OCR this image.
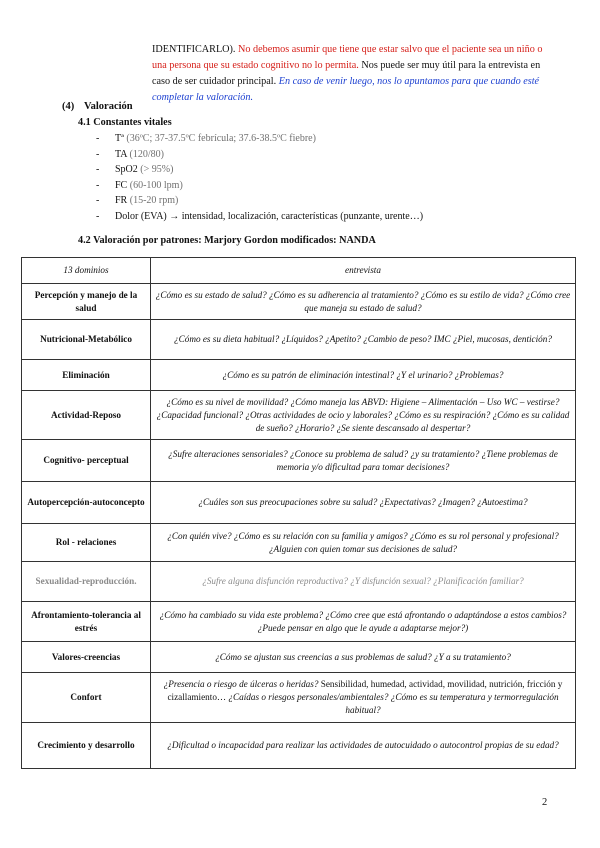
IDENTIFICARLO). No debemos asumir que tiene que estar salvo que el paciente sea un niño o una persona que su estado cognitivo no lo permita. Nos puede ser muy útil para la entrevista en caso de ser cuidador principal. En caso de venir luego, nos lo apuntamos para que cuando esté completar la valoración.
(4) Valoración
4.1 Constantes vitales
- Tª (36ºC; 37-37.5ºC febrícula; 37.6-38.5ºC fiebre)
- TA (120/80)
- SpO2 (> 95%)
- FC (60-100 lpm)
- FR (15-20 rpm)
- Dolor (EVA) → intensidad, localización, características (punzante, urente…)
4.2 Valoración por patrones: Marjory Gordon modificados: NANDA
13 dominios	entrevista
Percepción y manejo de la salud	¿Cómo es su estado de salud? ¿Cómo es su adherencia al tratamiento? ¿Cómo es su estilo de vida? ¿Cómo cree que maneja su estado de salud?
Nutricional-Metabólico	¿Cómo es su dieta habitual? ¿Líquidos? ¿Apetito? ¿Cambio de peso? IMC ¿Piel, mucosas, dentición?
Eliminación	¿Cómo es su patrón de eliminación intestinal? ¿Y el urinario? ¿Problemas?
Actividad-Reposo	¿Cómo es su nivel de movilidad? ¿Cómo maneja las ABVD: Higiene – Alimentación – Uso WC – vestirse? ¿Capacidad funcional? ¿Otras actividades de ocio y laborales? ¿Cómo es su respiración? ¿Cómo es su calidad de sueño? ¿Horario? ¿Se siente descansado al despertar?
Cognitivo- perceptual	¿Sufre alteraciones sensoriales? ¿Conoce su problema de salud? ¿y su tratamiento? ¿Tiene problemas de memoria y/o dificultad para tomar decisiones?
Autopercepción-autoconcepto	¿Cuáles son sus preocupaciones sobre su salud? ¿Expectativas? ¿Imagen? ¿Autoestima?
Rol - relaciones	¿Con quién vive? ¿Cómo es su relación con su familia y amigos? ¿Cómo es su rol personal y profesional? ¿Alguien con quien tomar sus decisiones de salud?
Sexualidad-reproducción.	¿Sufre alguna disfunción reproductiva? ¿Y disfunción sexual? ¿Planificación familiar?
Afrontamiento-tolerancia al estrés	¿Cómo ha cambiado su vida este problema? ¿Cómo cree que está afrontando o adaptándose a estos cambios? ¿Puede pensar en algo que le ayude a adaptarse mejor?)
Valores-creencias	¿Cómo se ajustan sus creencias a sus problemas de salud? ¿Y a su tratamiento?
Confort	¿Presencia o riesgo de úlceras o heridas? Sensibilidad, humedad, actividad, movilidad, nutrición, fricción y cizallamiento… ¿Caídas o riesgos personales/ambientales? ¿Cómo es su temperatura y termorregulación habitual?
Crecimiento y desarrollo	¿Dificultad o incapacidad para realizar las actividades de autocuidado o autocontrol propias de su edad?
2
